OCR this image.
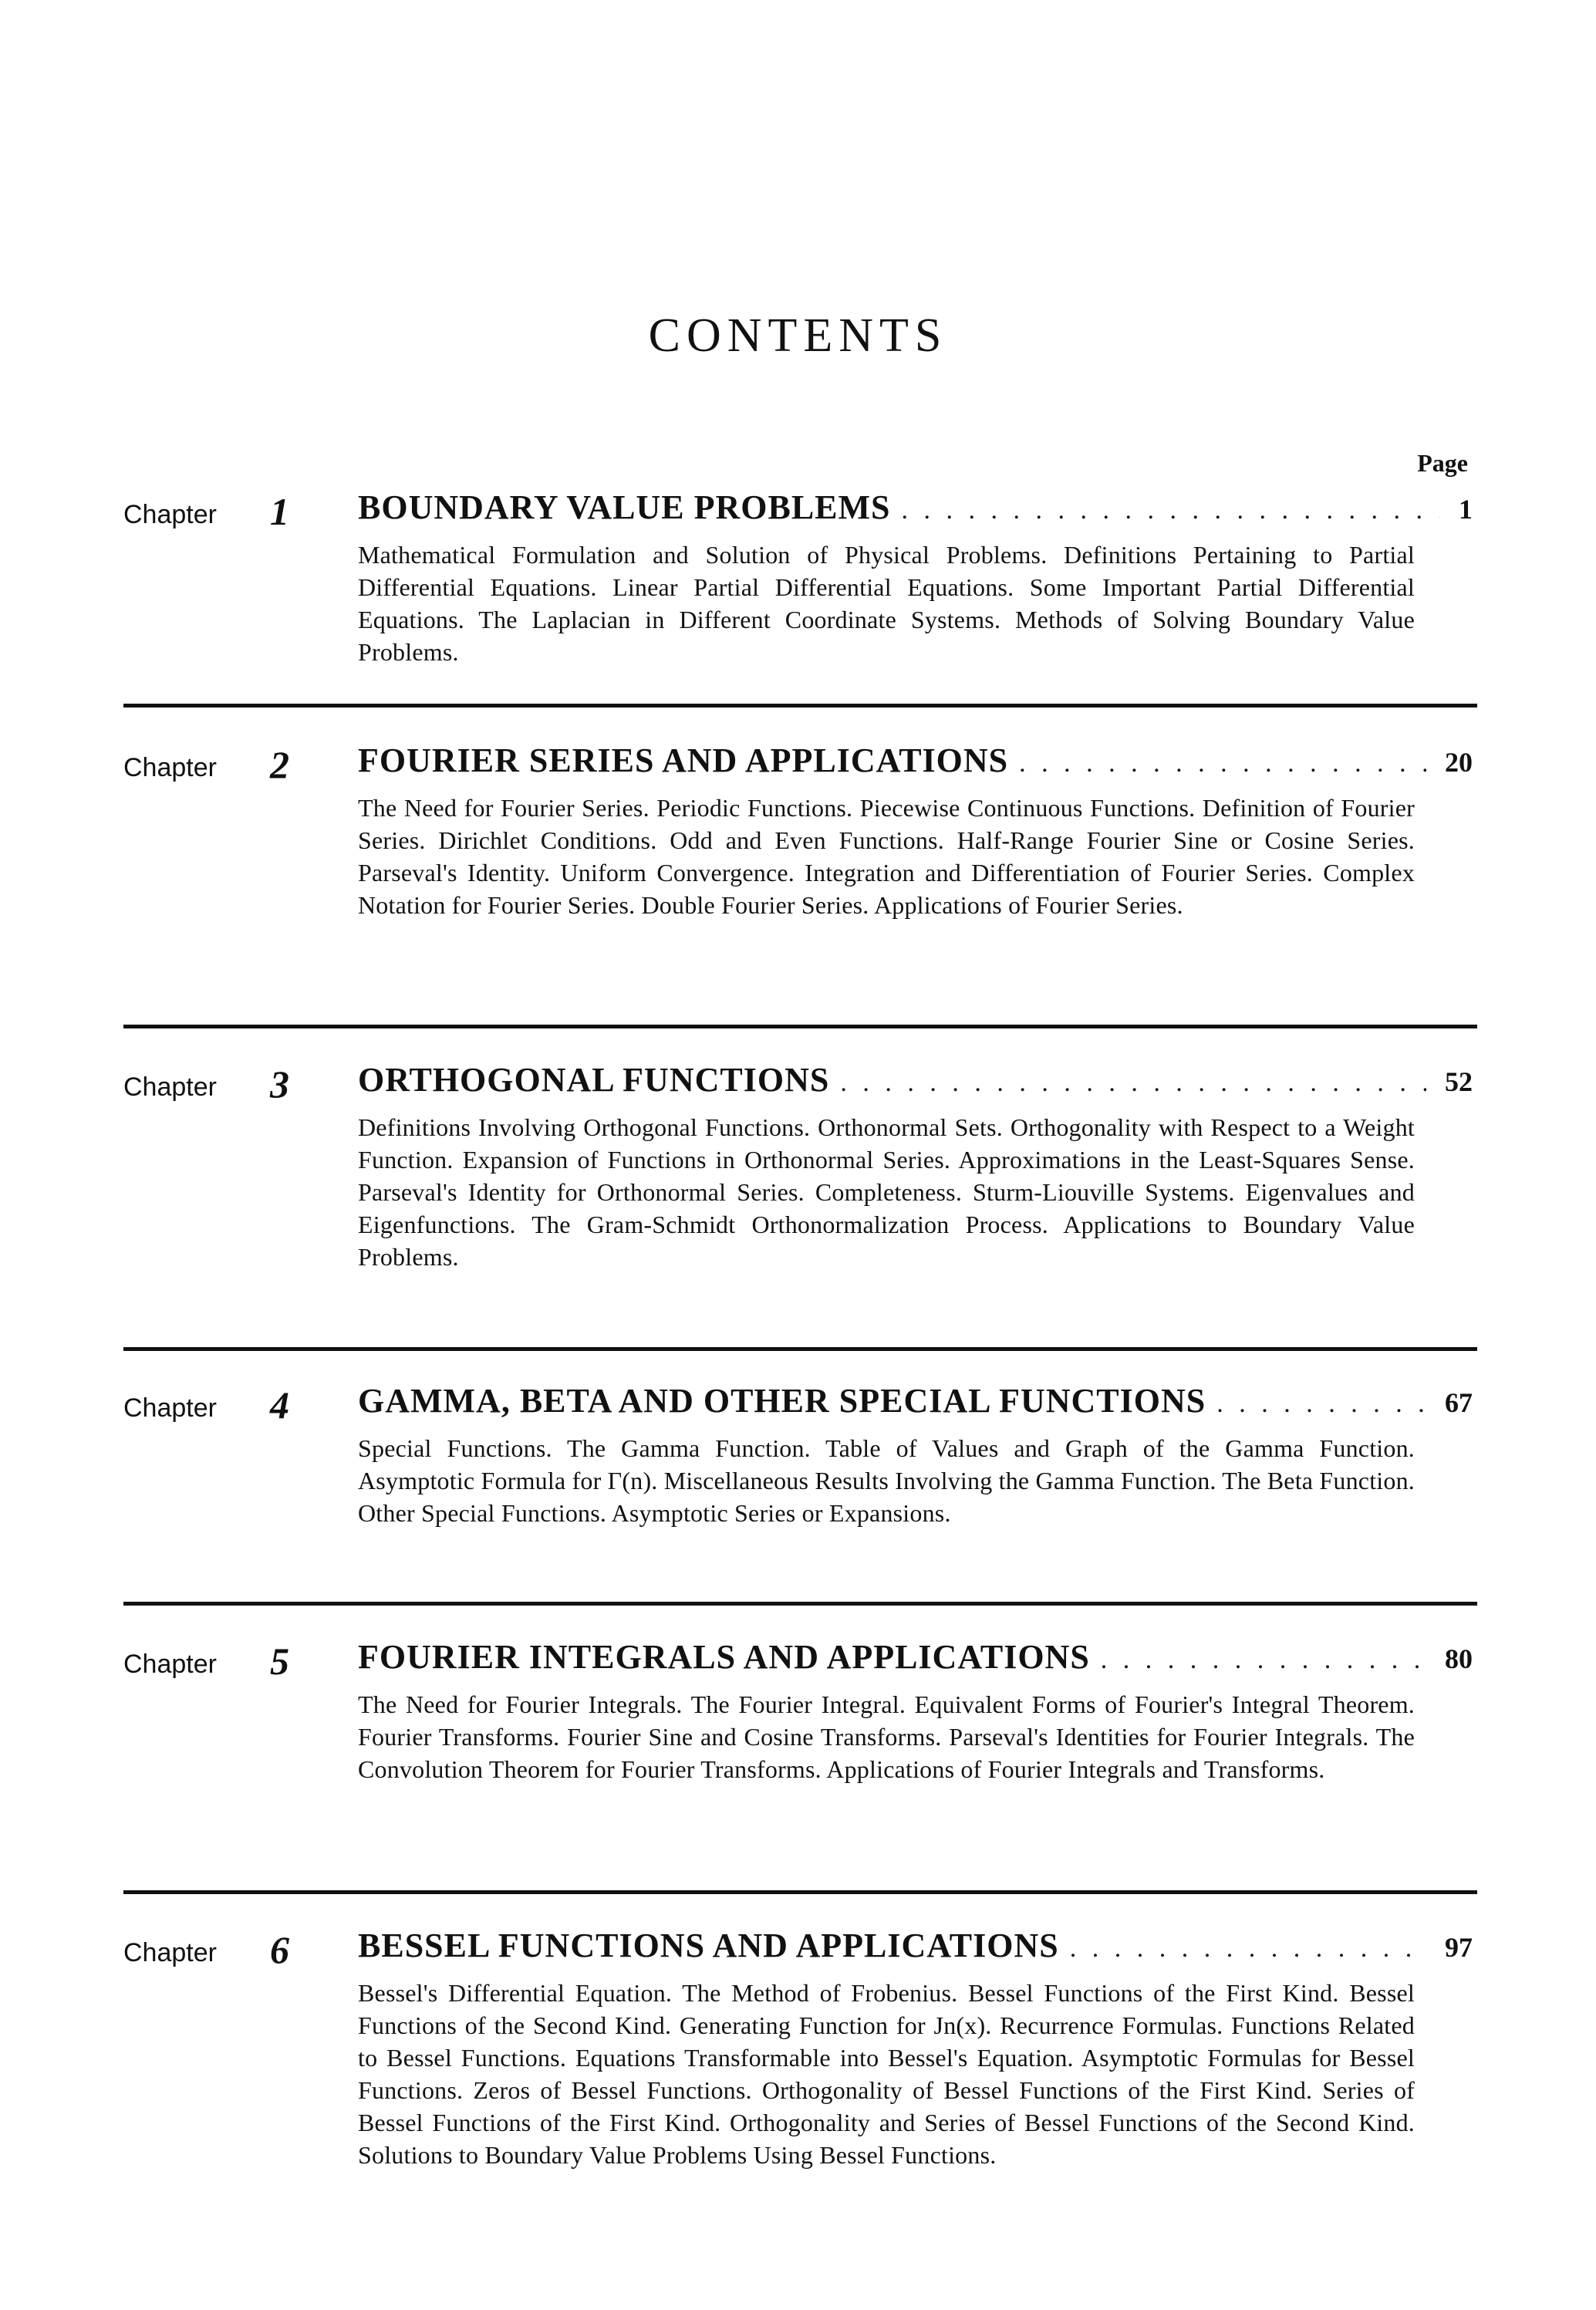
CONTENTS
Page
Chapter 1 BOUNDARY VALUE PROBLEMS . . .	1
Mathematical Formulation and Solution of Physical Problems. Definitions Pertaining to Partial Differential Equations. Linear Partial Differential Equations. Some Important Partial Differential Equations. The Laplacian in Different Coordinate Systems. Methods of Solving Boundary Value Problems.
Chapter 2 FOURIER SERIES AND APPLICATIONS . . .	20
The Need for Fourier Series. Periodic Functions. Piecewise Continuous Functions. Definition of Fourier Series. Dirichlet Conditions. Odd and Even Functions. Half-Range Fourier Sine or Cosine Series. Parseval's Identity. Uniform Convergence. Integration and Differentiation of Fourier Series. Complex Notation for Fourier Series. Double Fourier Series. Applications of Fourier Series.
Chapter 3 ORTHOGONAL FUNCTIONS . . .	52
Definitions Involving Orthogonal Functions. Orthonormal Sets. Orthogonality with Respect to a Weight Function. Expansion of Functions in Orthonormal Series. Approximations in the Least-Squares Sense. Parseval's Identity for Orthonormal Series. Completeness. Sturm-Liouville Systems. Eigenvalues and Eigenfunctions. The Gram-Schmidt Orthonormalization Process. Applications to Boundary Value Problems.
Chapter 4 GAMMA, BETA AND OTHER SPECIAL FUNCTIONS . . .	67
Special Functions. The Gamma Function. Table of Values and Graph of the Gamma Function. Asymptotic Formula for Γ(n). Miscellaneous Results Involving the Gamma Function. The Beta Function. Other Special Functions. Asymptotic Series or Expansions.
Chapter 5 FOURIER INTEGRALS AND APPLICATIONS . . .	80
The Need for Fourier Integrals. The Fourier Integral. Equivalent Forms of Fourier's Integral Theorem. Fourier Transforms. Fourier Sine and Cosine Transforms. Parseval's Identities for Fourier Integrals. The Convolution Theorem for Fourier Transforms. Applications of Fourier Integrals and Transforms.
Chapter 6 BESSEL FUNCTIONS AND APPLICATIONS . . .	97
Bessel's Differential Equation. The Method of Frobenius. Bessel Functions of the First Kind. Bessel Functions of the Second Kind. Generating Function for Jn(x). Recurrence Formulas. Functions Related to Bessel Functions. Equations Transformable into Bessel's Equation. Asymptotic Formulas for Bessel Functions. Zeros of Bessel Functions. Orthogonality of Bessel Functions of the First Kind. Series of Bessel Functions of the First Kind. Orthogonality and Series of Bessel Functions of the Second Kind. Solutions to Boundary Value Problems Using Bessel Functions.
